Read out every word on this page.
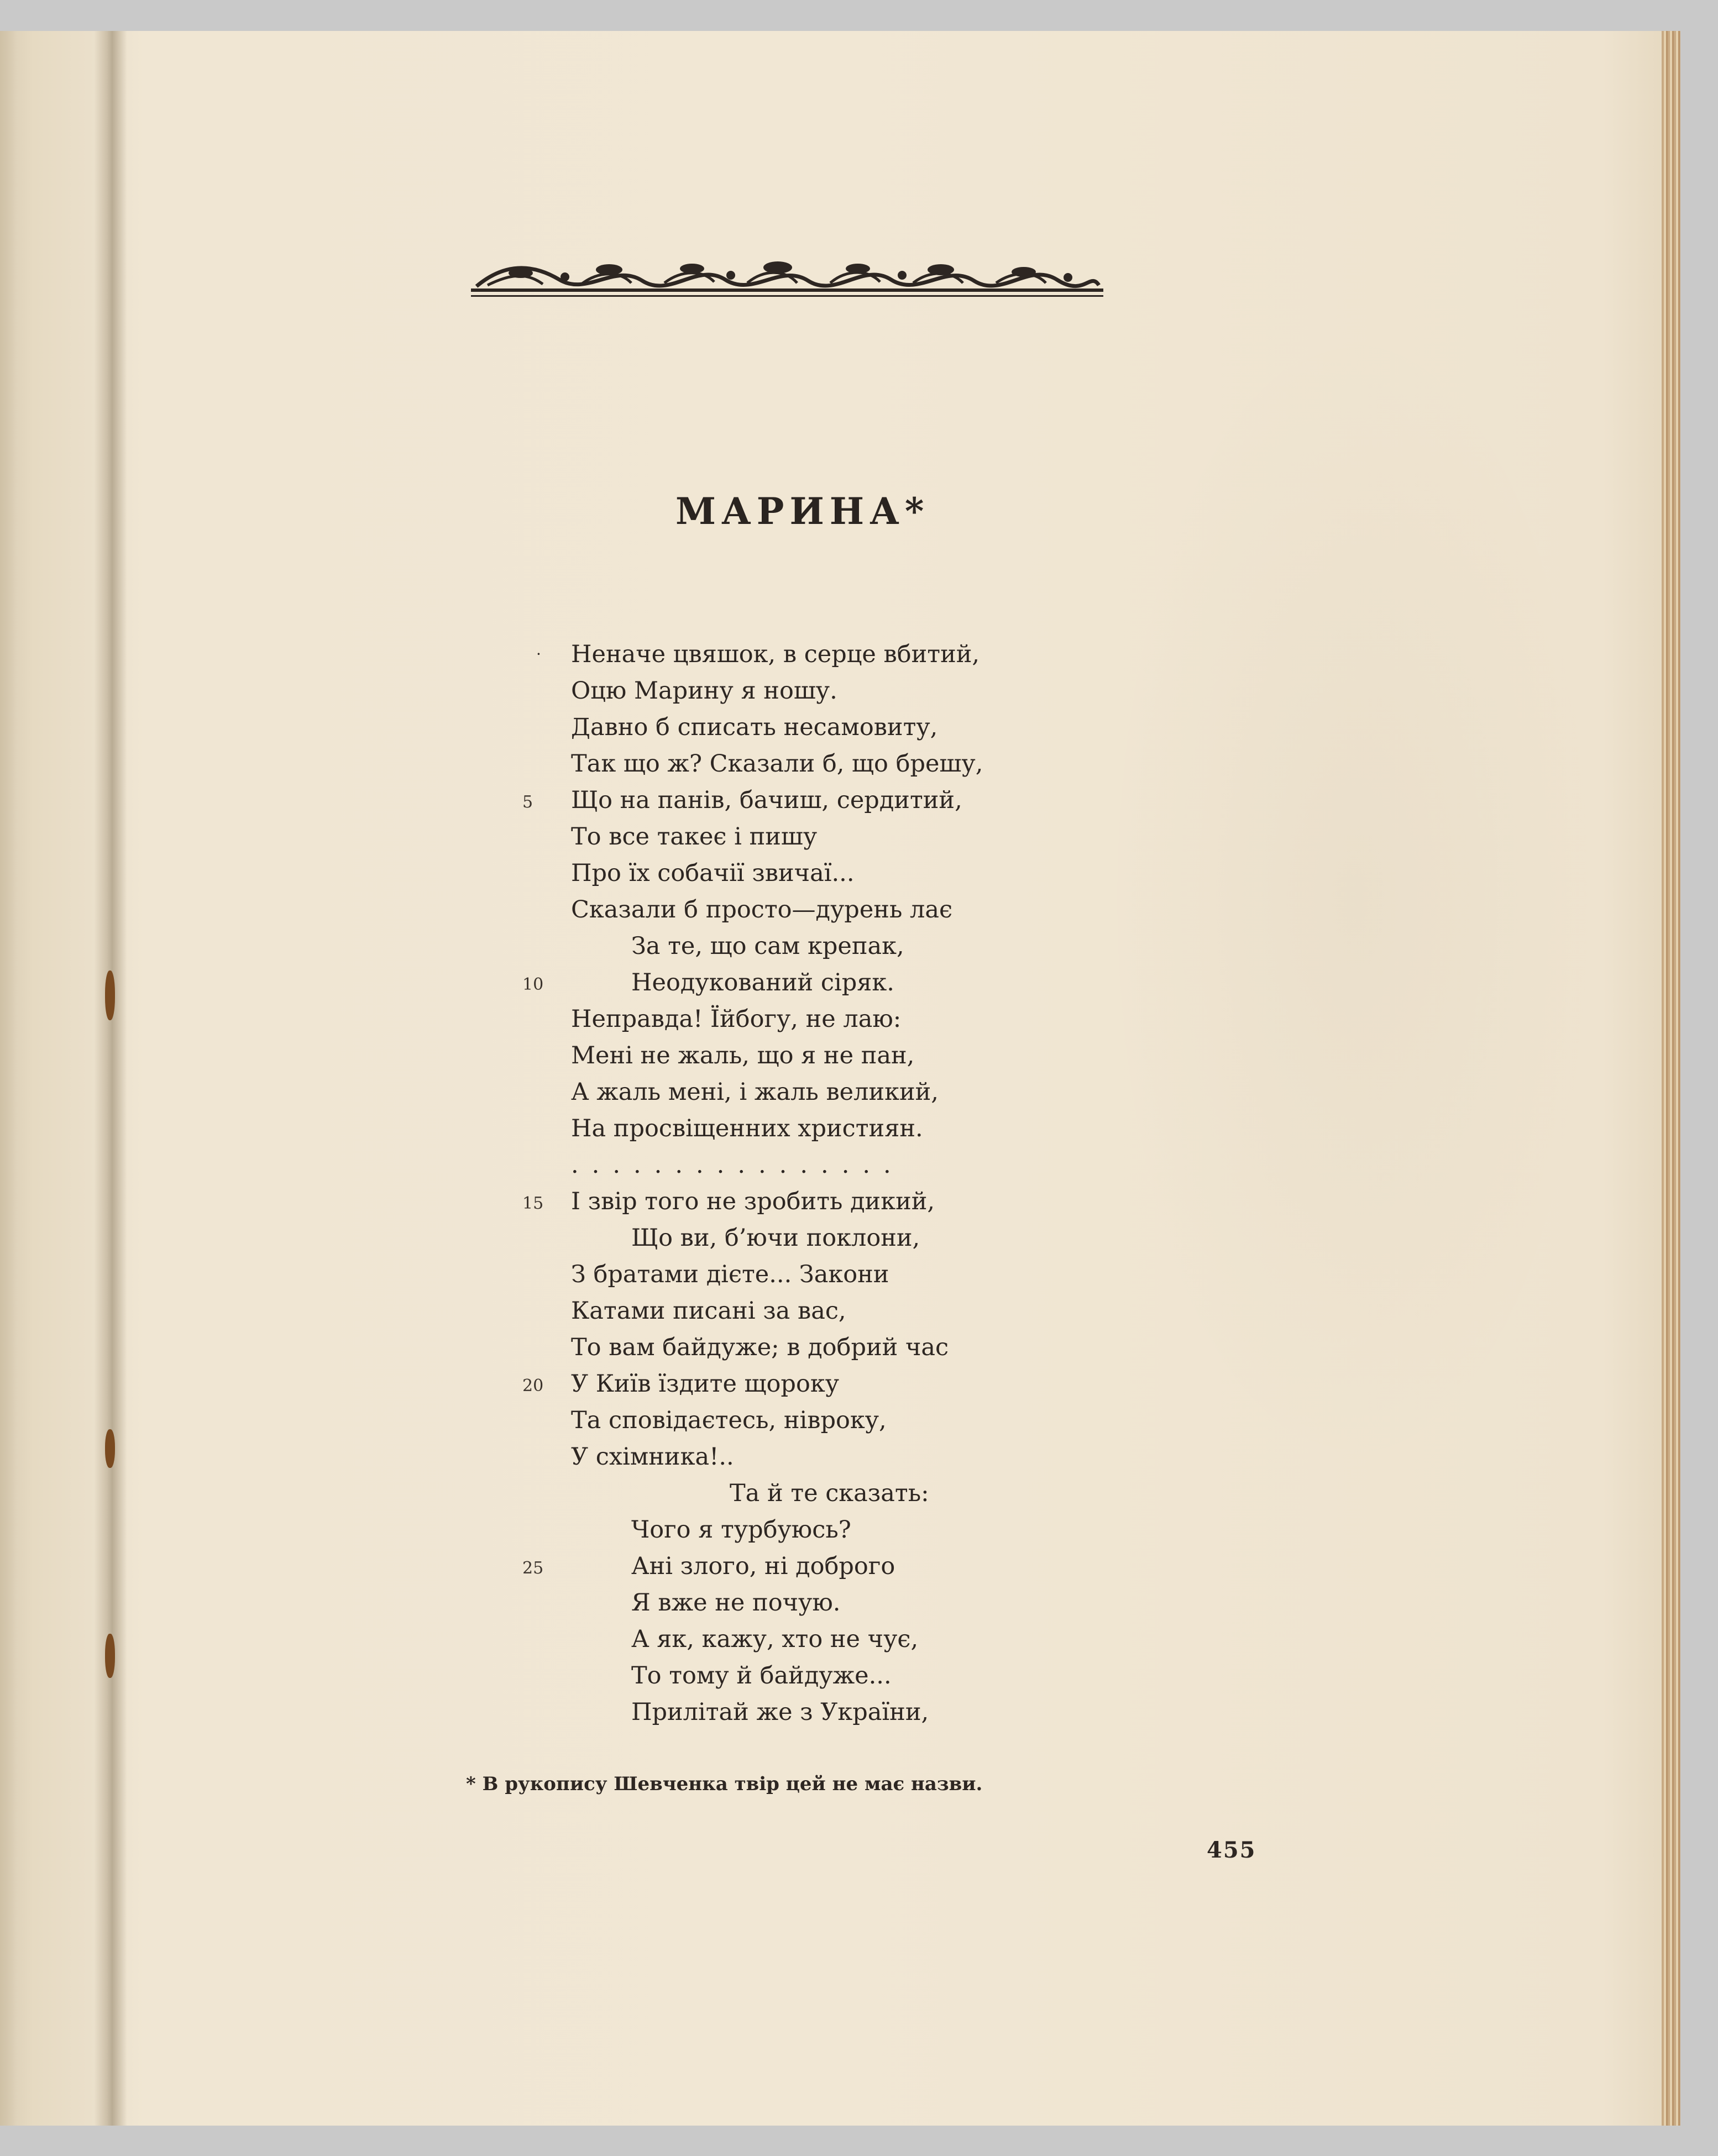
МАРИНА*
· Неначе цвяшок, в серце вбитий,
Оцю Марину я ношу.
Давно б списать несамовиту,
Так що ж? Сказали б, що брешу,
5 Що на панів, бачиш, сердитий,
То все такеє і пишу
Про їх собачії звичаї...
Сказали б просто—дурень лає
За те, що сам крепак,
10	Неодукований сіряк.
Неправда! Їйбогу, не лаю:
Мені не жаль, що я не пан,
А жаль мені, і жаль великий,
На просвіщенних християн.
................
15 І звір того не зробить дикий,
Що ви, б’ючи поклони,
З братами дієте... Закони
Катами писані за вас,
То вам байдуже; в добрий час
20 У Київ їздите щороку
Та сповідаєтесь, нівроку,
У схімника!..
Та й те сказать:
Чого я турбуюсь?
25	Ані злого, ні доброго
Я вже не почую.
А як, кажу, хто не чує,
То тому й байдуже...
Прилітай же з України,
* В рукопису Шевченка твір цей не має назви.
455
